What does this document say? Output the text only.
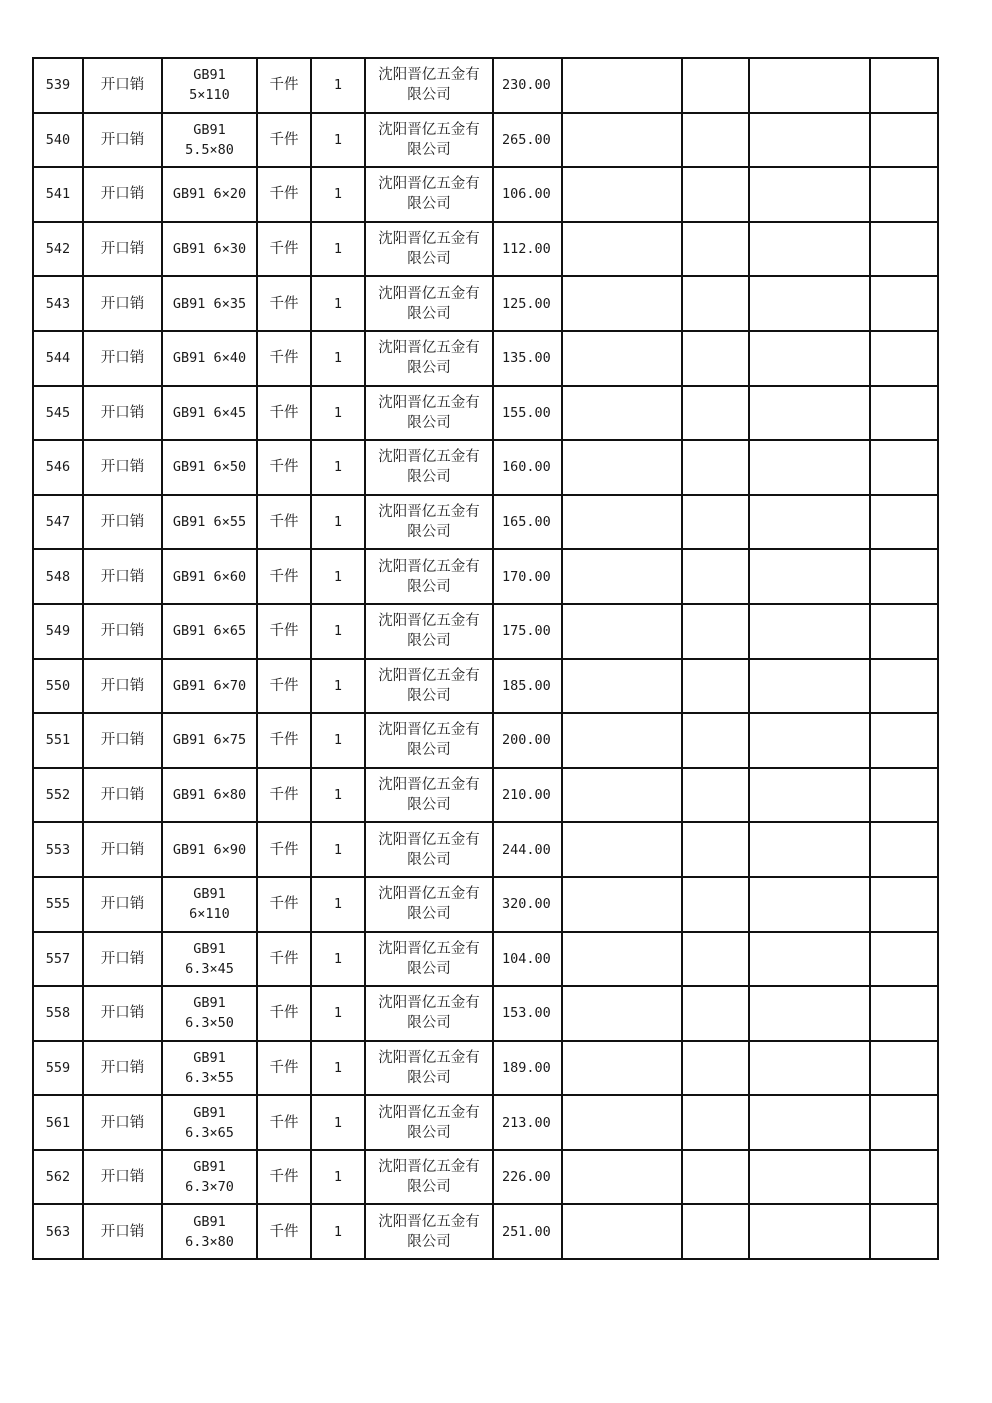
539	开口销	GB91
5×110	千件	1	沈阳晋亿五金有
限公司	230.00				
540	开口销	GB91
5.5×80	千件	1	沈阳晋亿五金有
限公司	265.00				
541	开口销	GB91 6×20	千件	1	沈阳晋亿五金有
限公司	106.00				
542	开口销	GB91 6×30	千件	1	沈阳晋亿五金有
限公司	112.00				
543	开口销	GB91 6×35	千件	1	沈阳晋亿五金有
限公司	125.00				
544	开口销	GB91 6×40	千件	1	沈阳晋亿五金有
限公司	135.00				
545	开口销	GB91 6×45	千件	1	沈阳晋亿五金有
限公司	155.00				
546	开口销	GB91 6×50	千件	1	沈阳晋亿五金有
限公司	160.00				
547	开口销	GB91 6×55	千件	1	沈阳晋亿五金有
限公司	165.00				
548	开口销	GB91 6×60	千件	1	沈阳晋亿五金有
限公司	170.00				
549	开口销	GB91 6×65	千件	1	沈阳晋亿五金有
限公司	175.00				
550	开口销	GB91 6×70	千件	1	沈阳晋亿五金有
限公司	185.00				
551	开口销	GB91 6×75	千件	1	沈阳晋亿五金有
限公司	200.00				
552	开口销	GB91 6×80	千件	1	沈阳晋亿五金有
限公司	210.00				
553	开口销	GB91 6×90	千件	1	沈阳晋亿五金有
限公司	244.00				
555	开口销	GB91
6×110	千件	1	沈阳晋亿五金有
限公司	320.00				
557	开口销	GB91
6.3×45	千件	1	沈阳晋亿五金有
限公司	104.00				
558	开口销	GB91
6.3×50	千件	1	沈阳晋亿五金有
限公司	153.00				
559	开口销	GB91
6.3×55	千件	1	沈阳晋亿五金有
限公司	189.00				
561	开口销	GB91
6.3×65	千件	1	沈阳晋亿五金有
限公司	213.00				
562	开口销	GB91
6.3×70	千件	1	沈阳晋亿五金有
限公司	226.00				
563	开口销	GB91
6.3×80	千件	1	沈阳晋亿五金有
限公司	251.00				
